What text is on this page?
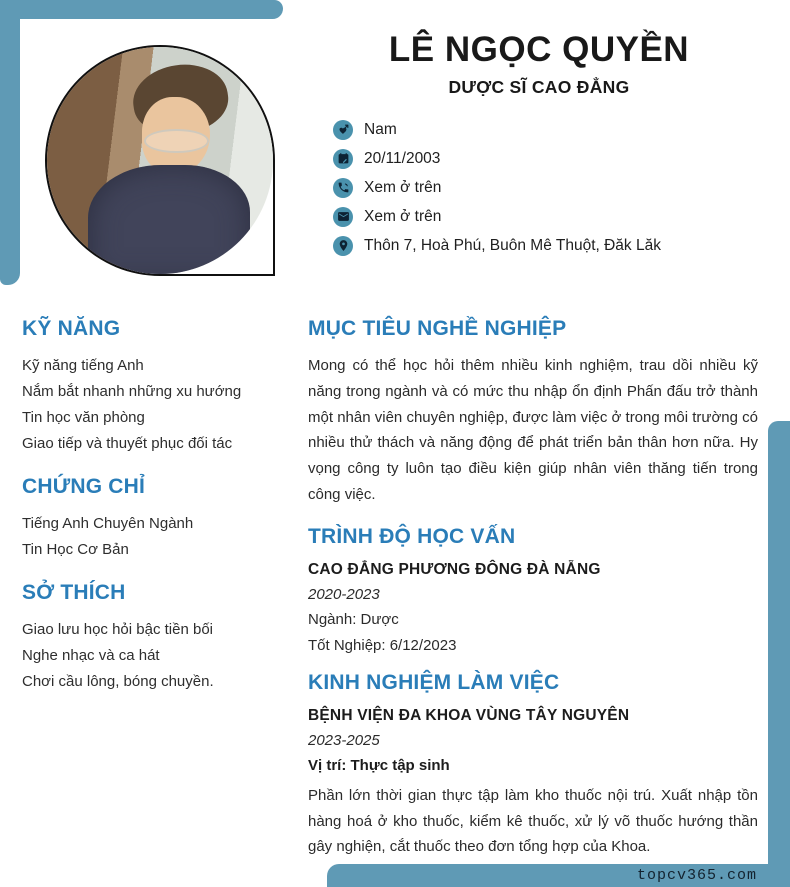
LÊ NGỌC QUYỀN
DƯỢC SĨ CAO ĐẲNG
Nam
20/11/2003
Xem ở trên
Xem ở trên
Thôn 7, Hoà Phú, Buôn Mê Thuột, Đăk Lăk
KỸ NĂNG
Kỹ năng tiếng Anh
Nắm bắt nhanh những xu hướng
Tin học văn phòng
Giao tiếp và thuyết phục đối tác
CHỨNG CHỈ
Tiếng Anh Chuyên Ngành
Tin Học Cơ Bản
SỞ THÍCH
Giao lưu học hỏi bậc tiền bối
Nghe nhạc và ca hát
Chơi cầu lông, bóng chuyền.
MỤC TIÊU NGHỀ NGHIỆP

Mong có thể học hỏi thêm nhiều kinh nghiệm, trau dồi nhiều kỹ năng trong ngành và có mức thu nhập ổn định Phấn đấu trở thành một nhân viên chuyên nghiệp, được làm việc ở trong môi trường có nhiều thử thách và năng động để phát triển bản thân hơn nữa. Hy vọng công ty luôn tạo điều kiện giúp nhân viên thăng tiến trong công việc.

TRÌNH ĐỘ HỌC VẤN
CAO ĐẲNG PHƯƠNG ĐÔNG ĐÀ NẴNG
2020-2023
Ngành: Dược
Tốt Nghiệp: 6/12/2023
KINH NGHIỆM LÀM VIỆC
BỆNH VIỆN ĐA KHOA VÙNG TÂY NGUYÊN
2023-2025
Vị trí: Thực tập sinh

Phần lớn thời gian thực tập làm kho thuốc nội trú. Xuất nhập tồn hàng hoá ở kho thuốc, kiểm kê thuốc, xử lý võ thuốc hướng thần gây nghiện, cắt thuốc theo đơn tổng hợp của Khoa.

topcv365.com
